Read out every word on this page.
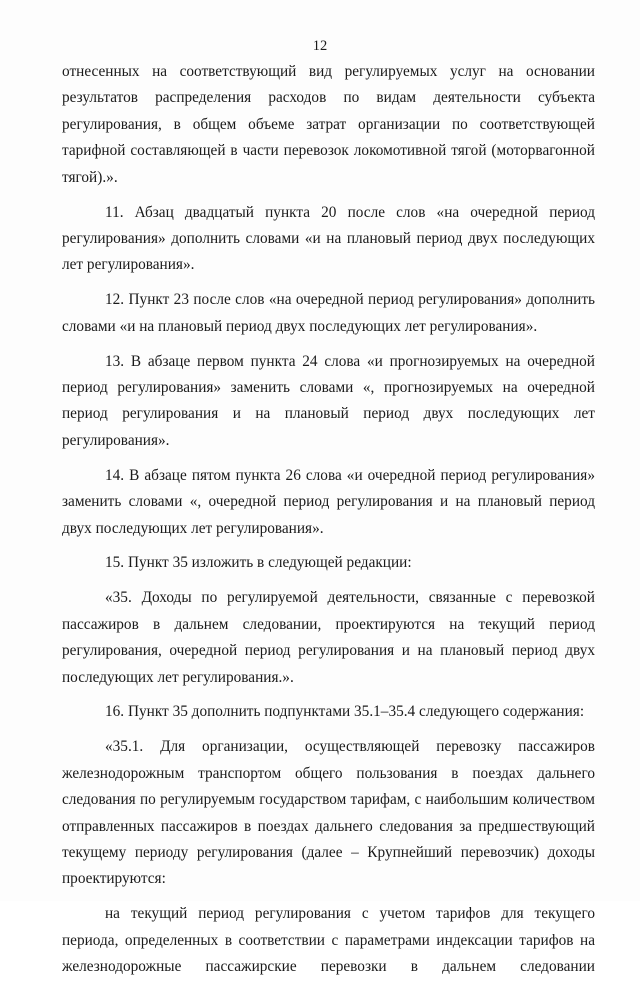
12

отнесенных на соответствующий вид регулируемых услуг на основании результатов распределения расходов по видам деятельности субъекта регулирования, в общем объеме затрат организации по соответствующей тарифной составляющей в части перевозок локомотивной тягой (моторвагонной тягой).».

11. Абзац двадцатый пункта 20 после слов «на очередной период регулирования» дополнить словами «и на плановый период двух последующих лет регулирования».

12. Пункт 23 после слов «на очередной период регулирования» дополнить словами «и на плановый период двух последующих лет регулирования».

13. В абзаце первом пункта 24 слова «и прогнозируемых на очередной период регулирования» заменить словами «, прогнозируемых на очередной период регулирования и на плановый период двух последующих лет регулирования».

14. В абзаце пятом пункта 26 слова «и очередной период регулирования» заменить словами «, очередной период регулирования и на плановый период двух последующих лет регулирования».

15. Пункт 35 изложить в следующей редакции:

«35. Доходы по регулируемой деятельности, связанные с перевозкой пассажиров в дальнем следовании, проектируются на текущий период регулирования, очередной период регулирования и на плановый период двух последующих лет регулирования.».

16. Пункт 35 дополнить подпунктами 35.1–35.4 следующего содержания:

«35.1. Для организации, осуществляющей перевозку пассажиров железнодорожным транспортом общего пользования в поездах дальнего следования по регулируемым государством тарифам, с наибольшим количеством отправленных пассажиров в поездах дальнего следования за предшествующий текущему периоду регулирования (далее – Крупнейший перевозчик) доходы проектируются:

на текущий период регулирования с учетом тарифов для текущего периода, определенных в соответствии с параметрами индексации тарифов на железнодорожные пассажирские перевозки в дальнем следовании
